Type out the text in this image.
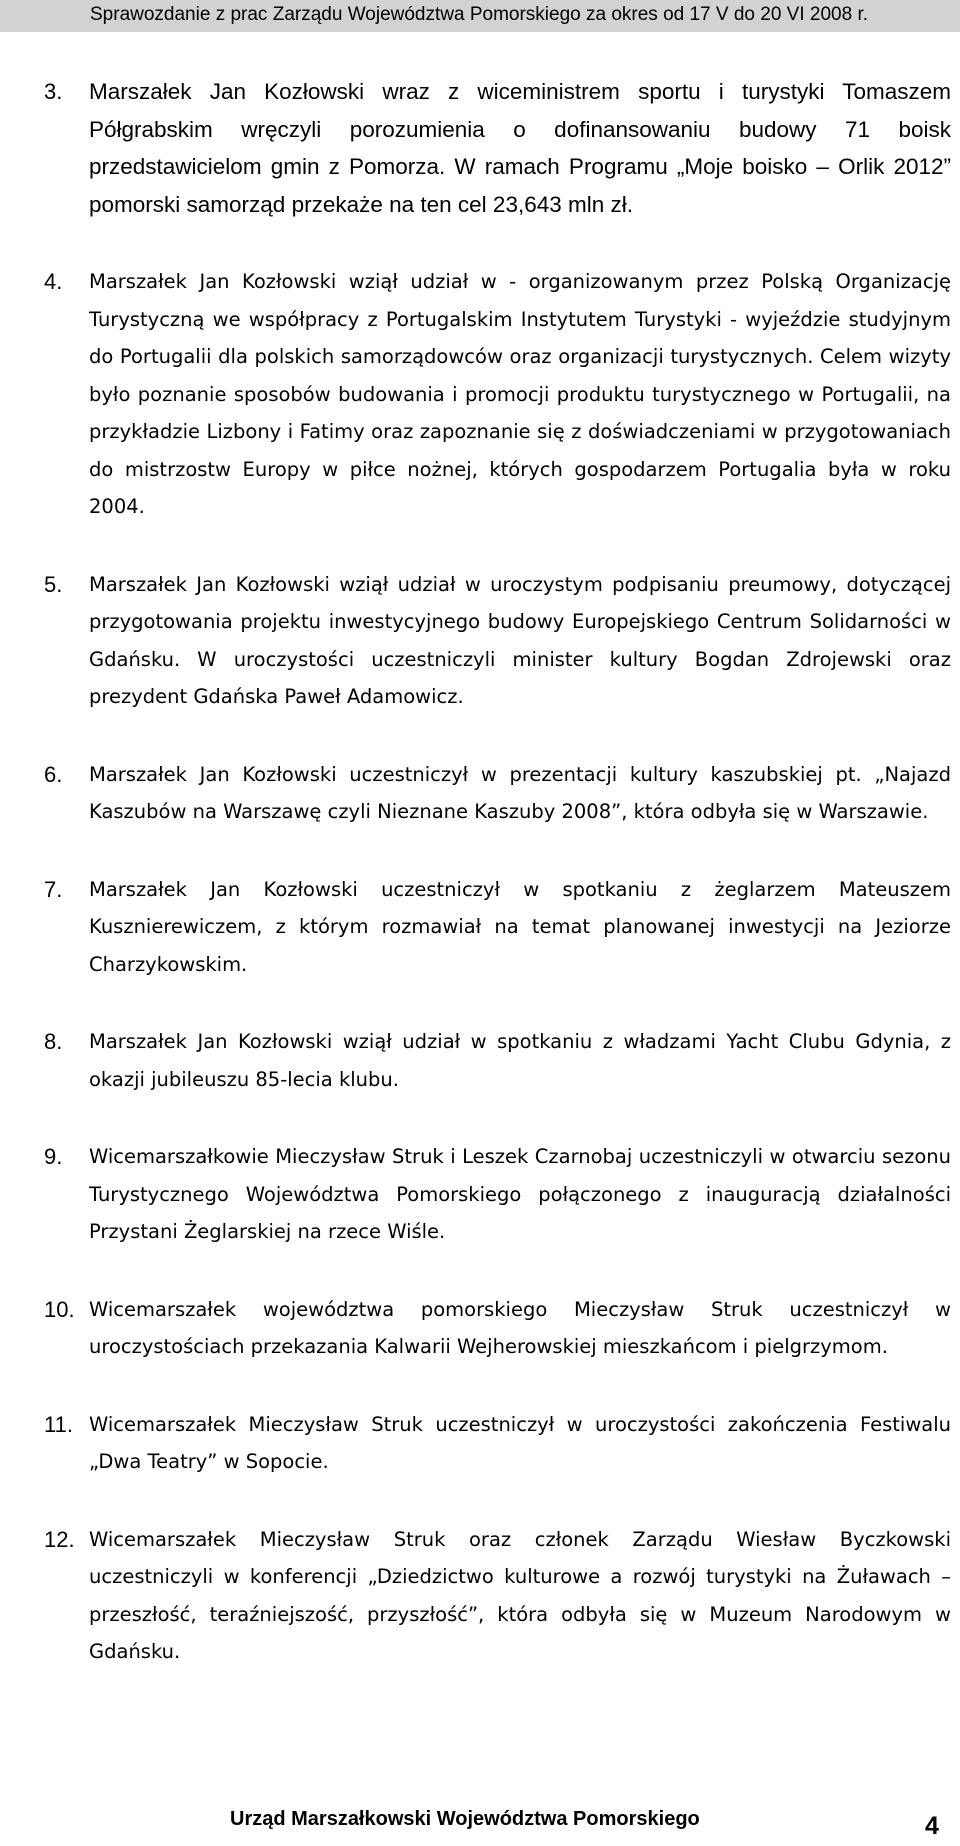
Sprawozdanie z prac Zarządu Województwa Pomorskiego za okres od 17 V do 20 VI 2008 r.
3.	Marszałek Jan Kozłowski wraz z wiceministrem sportu i turystyki Tomaszem Półgrabskim wręczyli porozumienia o dofinansowaniu budowy 71 boisk przedstawicielom gmin z Pomorza. W ramach Programu „Moje boisko – Orlik 2012” pomorski samorząd przekaże na ten cel 23,643 mln zł.
4.	Marszałek Jan Kozłowski wziął udział w - organizowanym przez Polską Organizację Turystyczną we współpracy z Portugalskim Instytutem Turystyki - wyjeździe studyjnym do Portugalii dla polskich samorządowców oraz organizacji turystycznych. Celem wizyty było poznanie sposobów budowania i promocji produktu turystycznego w Portugalii, na przykładzie Lizbony i Fatimy oraz zapoznanie się z doświadczeniami w przygotowaniach do mistrzostw Europy w piłce nożnej, których gospodarzem Portugalia była w roku 2004.
5.	Marszałek Jan Kozłowski wziął udział w uroczystym podpisaniu preumowy, dotyczącej przygotowania projektu inwestycyjnego budowy Europejskiego Centrum Solidarności w Gdańsku. W uroczystości uczestniczyli minister kultury Bogdan Zdrojewski oraz prezydent Gdańska Paweł Adamowicz.
6.	Marszałek Jan Kozłowski uczestniczył w prezentacji kultury kaszubskiej pt. „Najazd Kaszubów na Warszawę czyli Nieznane Kaszuby 2008”, która odbyła się w Warszawie.
7.	Marszałek Jan Kozłowski uczestniczył w spotkaniu z żeglarzem Mateuszem Kusznierewiczem, z którym rozmawiał na temat planowanej inwestycji na Jeziorze Charzykowskim.
8.	Marszałek Jan Kozłowski wziął udział w spotkaniu z władzami Yacht Clubu Gdynia, z okazji jubileuszu 85-lecia klubu.
9.	Wicemarszałkowie Mieczysław Struk i Leszek Czarnobaj uczestniczyli w otwarciu sezonu Turystycznego Województwa Pomorskiego połączonego z inauguracją działalności Przystani Żeglarskiej na rzece Wiśle.
10. Wicemarszałek województwa pomorskiego Mieczysław Struk uczestniczył w uroczystościach przekazania Kalwarii Wejherowskiej mieszkańcom i pielgrzymom.
11. Wicemarszałek Mieczysław Struk uczestniczył w uroczystości zakończenia Festiwalu „Dwa Teatry” w Sopocie.
12. Wicemarszałek Mieczysław Struk oraz członek Zarządu Wiesław Byczkowski uczestniczyli w konferencji „Dziedzictwo kulturowe a rozwój turystyki na Żuławach – przeszłość, teraźniejszość, przyszłość”, która odbyła się w Muzeum Narodowym w Gdańsku.
Urząd Marszałkowski Województwa Pomorskiego	4
